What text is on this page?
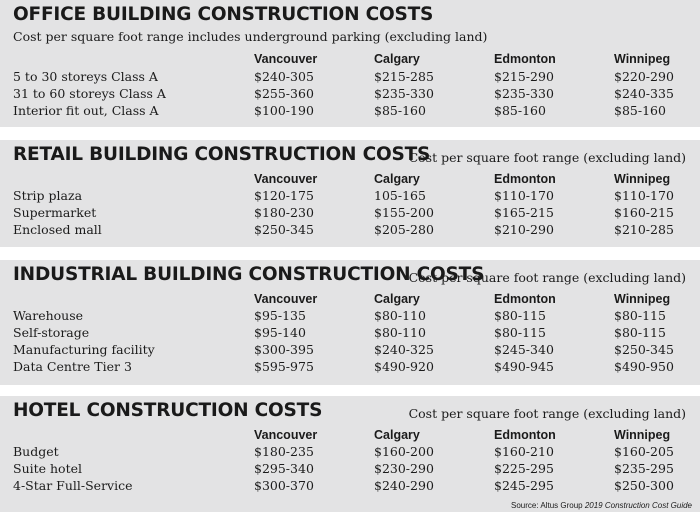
OFFICE BUILDING CONSTRUCTION COSTS
Cost per square foot range includes underground parking (excluding land)
Vancouver	Calgary	Edmonton	Winnipeg
5 to 30 storeys Class A	$240-305	$215-285	$215-290	$220-290
31 to 60 storeys Class A	$255-360	$235-330	$235-330	$240-335
Interior fit out, Class A	$100-190	$85-160	$85-160	$85-160
RETAIL BUILDING CONSTRUCTION COSTS
Cost per square foot range (excluding land)
Vancouver	Calgary	Edmonton	Winnipeg
Strip plaza	$120-175	105-165	$110-170	$110-170
Supermarket	$180-230	$155-200	$165-215	$160-215
Enclosed mall	$250-345	$205-280	$210-290	$210-285
INDUSTRIAL BUILDING CONSTRUCTION COSTS
Cost per square foot range (excluding land)
Vancouver	Calgary	Edmonton	Winnipeg
Warehouse	$95-135	$80-110	$80-115	$80-115
Self-storage	$95-140	$80-110	$80-115	$80-115
Manufacturing facility	$300-395	$240-325	$245-340	$250-345
Data Centre Tier 3	$595-975	$490-920	$490-945	$490-950
HOTEL CONSTRUCTION COSTS	Cost per square foot range (excluding land)
Vancouver	Calgary	Edmonton	Winnipeg
Budget	$180-235	$160-200	$160-210	$160-205
Suite hotel	$295-340	$230-290	$225-295	$235-295
4-Star Full-Service	$300-370	$240-290	$245-295	$250-300
Source: Altus Group 2019 Construction Cost Guide
